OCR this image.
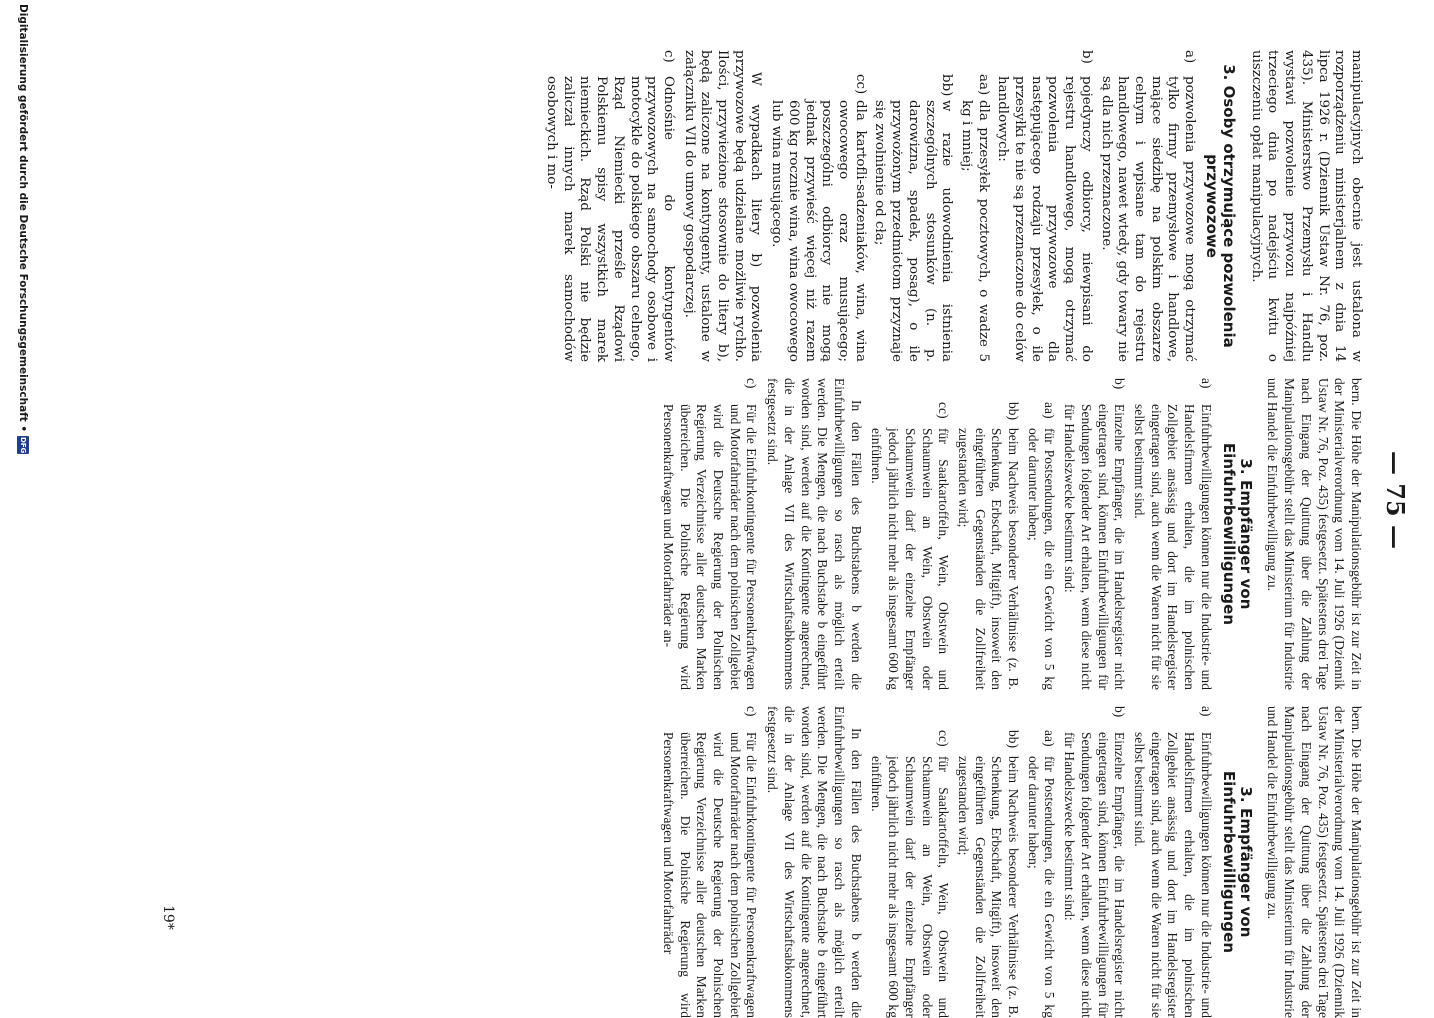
— 75 —

manipulacyjnych obecnie jest ustalona w rozporządzeniu ministerjalnem z dnia 14 lipca 1926 r. (Dziennik Ustaw Nr. 76, poz. 435). Ministerstwo Przemysłu i Handlu wystawi pozwolenie przywozu najpóźniej trzeciego dnia po nadejściu kwitu o uiszczeniu opłat manipulacyjnych.

3. Osoby otrzymujące pozwolenia przywozowe
a)
pozwolenia przywozowe mogą otrzymać tylko firmy przemysłowe i handlowe, mające siedzibę na polskim obszarze celnym i wpisane tam do rejestru handlowego, nawet wtedy, gdy towary nie są dla nich przeznaczone.
b)
pojedynczy odbiorcy, niewpisani do rejestru handlowego, mogą otrzymać pozwolenia przywozowe dla następującego rodzaju przesyłek, o ile przesyłki te nie są przeznaczone do celów handlowych:
aa)
dla przesyłek pocztowych, o wadze 5 kg i mniej;
bb)
w razie udowodnienia istnienia szczególnych stosunków (n. p. darowizna, spadek, posag), o ile przywożonym przedmiotom przyznaje się zwolnienie od cła;
cc)
dla kartofli-sadzeniaków, wina, wina owocowego oraz musującego; poszczególni odbiorcy nie mogą jednak przywieść więcej niż razem 600 kg rocznie wina, wina owocowego lub wina musującego.

W wypadkach litery b) pozwolenia przywozowe będą udzielane możliwie rychło. Ilości, przywiezione stosownie do litery b), będą zaliczone na kontyngenty, ustalone w załączniku VII do umowy gospodarczej.

c)
Odnośnie do kontyngentów przywozowych na samochody osobowe i motocykle do polskiego obszaru celnego, Rząd Niemiecki prześle Rządowi Polskiemu spisy wszystkich marek niemieckich. Rząd Polski nie będzie zaliczał innych marek samochodów osobowych i mo-

bern. Die Höhe der Manipulationsgebühr ist zur Zeit in der Ministerialverordnung vom 14. Juli 1926 (Dziennik Ustaw Nr. 76, Poz. 435) festgesetzt. Spätestens drei Tage nach Eingang der Quittung über die Zahlung der Manipulationsgebühr stellt das Ministerium für Industrie und Handel die Einfuhrbewilligung zu.

3. Empfänger von Einfuhrbewilligungen
a)
Einfuhrbewilligungen können nur die Industrie- und Handelsfirmen erhalten, die im polnischen Zollgebiet ansässig und dort im Handelsregister eingetragen sind, auch wenn die Waren nicht für sie selbst bestimmt sind.
b)
Einzelne Empfänger, die im Handelsregister nicht eingetragen sind, können Einfuhrbewilligungen für Sendungen folgender Art erhalten, wenn diese nicht für Handelszwecke bestimmt sind:
aa)
für Postsendungen, die ein Gewicht von 5 kg oder darunter haben;
bb)
beim Nachweis besonderer Verhältnisse (z. B. Schenkung, Erbschaft, Mitgift), insoweit den eingeführten Gegenständen die Zollfreiheit zugestanden wird;
cc)
für Saatkartoffeln, Wein, Obstwein und Schaumwein an Wein, Obstwein oder Schaumwein darf der einzelne Empfänger jedoch jährlich nicht mehr als insgesamt 600 kg einführen.

In den Fällen des Buchstabens b werden die Einfuhrbewilligungen so rasch als möglich erteilt werden. Die Mengen, die nach Buchstabe b eingeführt worden sind, werden auf die Kontingente angerechnet, die in der Anlage VII des Wirtschaftsabkommens festgesetzt sind.

c)
Für die Einfuhrkontingente für Personenkraftwagen und Motorfahrräder nach dem polnischen Zollgebiet wird die Deutsche Regierung der Polnischen Regierung Verzeichnisse aller deutschen Marken überreichen. Die Polnische Regierung wird Personenkraftwagen und Motorfahrräder an-

bern. Die Höhe der Manipulationsgebühr ist zur Zeit in der Ministerialverordnung vom 14. Juli 1926 (Dziennik Ustaw Nr. 76, Poz. 435) festgesetzt. Spätestens drei Tage nach Eingang der Quittung über die Zahlung der Manipulationsgebühr stellt das Ministerium für Industrie und Handel die Einfuhrbewilligung zu.

3. Empfänger von Einfuhrbewilligungen
a)
Einfuhrbewilligungen können nur die Industrie- und Handelsfirmen erhalten, die im polnischen Zollgebiet ansässig und dort im Handelsregister eingetragen sind, auch wenn die Waren nicht für sie selbst bestimmt sind.
b)
Einzelne Empfänger, die im Handelsregister nicht eingetragen sind, können Einfuhrbewilligungen für Sendungen folgender Art erhalten, wenn diese nicht für Handelszwecke bestimmt sind:
aa)
für Postsendungen, die ein Gewicht von 5 kg oder darunter haben;
bb)
beim Nachweis besonderer Verhältnisse (z. B. Schenkung, Erbschaft, Mitgift), insoweit den eingeführten Gegenständen die Zollfreiheit zugestanden wird;
cc)
für Saatkartoffeln, Wein, Obstwein und Schaumwein an Wein, Obstwein oder Schaumwein darf der einzelne Empfänger jedoch jährlich nicht mehr als insgesamt 600 kg einführen.

In den Fällen des Buchstabens b werden die Einfuhrbewilligungen so rasch als möglich erteilt werden. Die Mengen, die nach Buchstabe b eingeführt worden sind, werden auf die Kontingente angerechnet, die in der Anlage VII des Wirtschaftsabkommens festgesetzt sind.

c)
Für die Einfuhrkontingente für Personenkraftwagen und Motorfahrräder nach dem polnischen Zollgebiet wird die Deutsche Regierung der Polnischen Regierung Verzeichnisse aller deutschen Marken überreichen. Die Polnische Regierung wird Personenkraftwagen und Motorfahrräder
19*
Digitalisierung gefördert durch die Deutsche Forschungsgemeinschaft •
DFG
